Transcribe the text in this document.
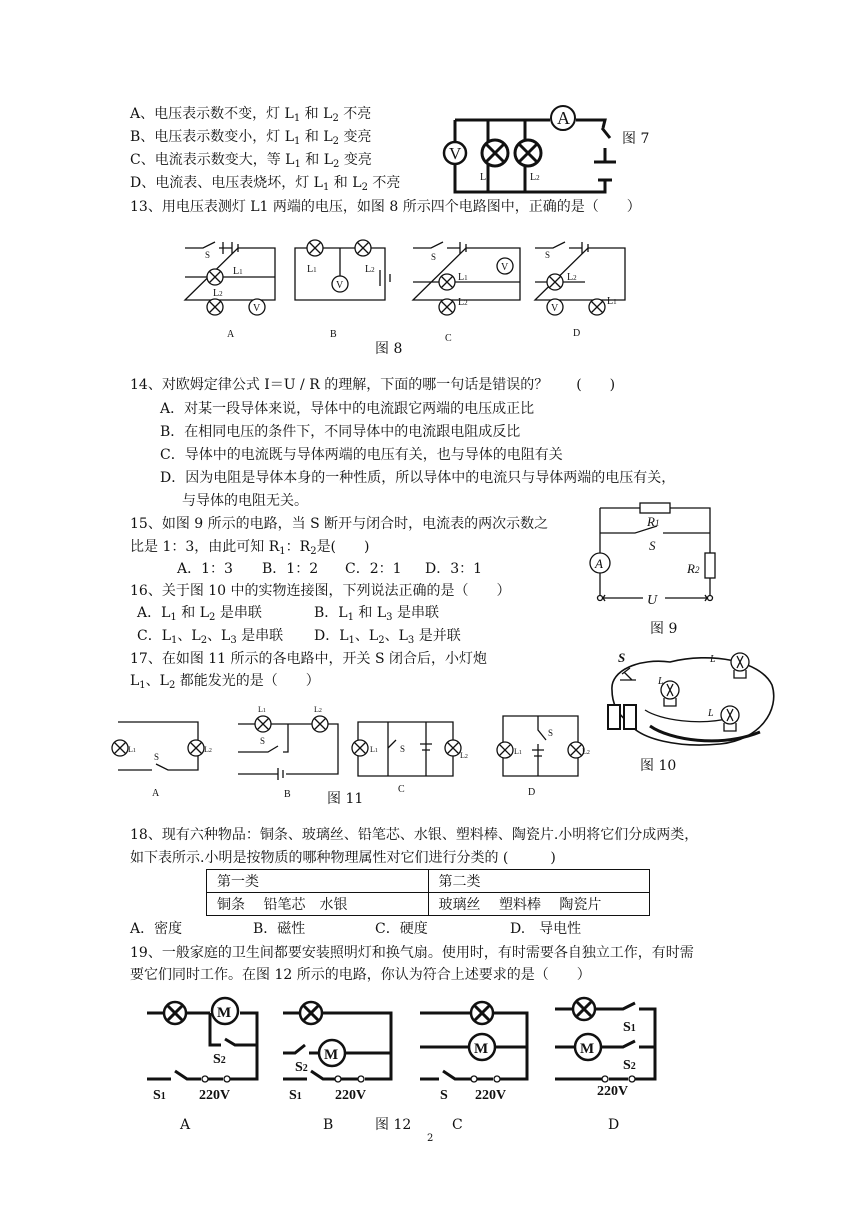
A、电压表示数不变，灯 $L_1$ 和 $L_2$ 不亮
B、电压表示数变小，灯 $L_1$ 和 $L_2$ 变亮
C、电流表示数变大，等 $L_1$ 和 $L_2$ 变亮
D、电流表、电压表烧坏，灯 $L_1$ 和 $L_2$ 不亮
A
V
L1	L2
图 7
13、用电压表测灯 L1 两端的电压，如图 8 所示四个电路图中，正确的是（　　）
V
S
L1
L2
A
V
L1	L2
B
V
S
L1
L2
C
V
S
L2
L1
D
图 8
14、对欧姆定律公式 I＝U / R 的理解，下面的哪一句话是错误的？　　(　　)
A．对某一段导体来说，导体中的电流跟它两端的电压成正比
B．在相同电压的条件下，不同导体中的电流跟电阻成反比
C．导体中的电流既与导体两端的电压有关，也与导体的电阻有关
D．因为电阻是导体本身的一种性质，所以导体中的电流只与导体两端的电压有关，
与导体的电阻无关。
15、如图 9 所示的电路，当 S 断开与闭合时，电流表的两次示数之
比是 1：3，由此可知 $R_1$：$R_2$是(　　)
A．1：3 B．1：2 C．2：1 D．3：1	A
U
R1
R2
S
图 9
16、关于图 10 中的实物连接图，下列说法正确的是（　　）
A．$L_1$ 和 $L_2$ 是串联	B．$L_1$ 和 $L_3$ 是串联
C．$L_1$、$L_2$、$L_3$ 是串联 D．$L_1$、$L_2$、$L_3$ 是并联
17、在如图 11 所示的各电路中，开关 S 闭合后，小灯炮
$L_1$、$L_2$ 都能发光的是（　　）
S
L
L
L
图 10
L1	L2
S
A
L1	L2
S
B
L1 S
L2
C
L1
S
L2
D
图 11
18、现有六种物品：铜条、玻璃丝、铅笔芯、水银、塑料棒、陶瓷片.小明将它们分成两类，
如下表所示.小明是按物质的哪种物理属性对它们进行分类的 (　　　)
第一类	第二类
铜条　 铅笔芯　水银	玻璃丝　 塑料棒　 陶瓷片
A．密度	B．磁性	C．硬度	D.　导电性
19、一般家庭的卫生间都要安装照明灯和换气扇。使用时，有时需要各自独立工作，有时需
要它们同时工作。在图 12 所示的电路，你认为符合上述要求的是（　　）
M
S2
S1 220V
M
S2
S1 220V
M
S 220V
M
S1
S2
220V
A	B	图 12	C	D
2
